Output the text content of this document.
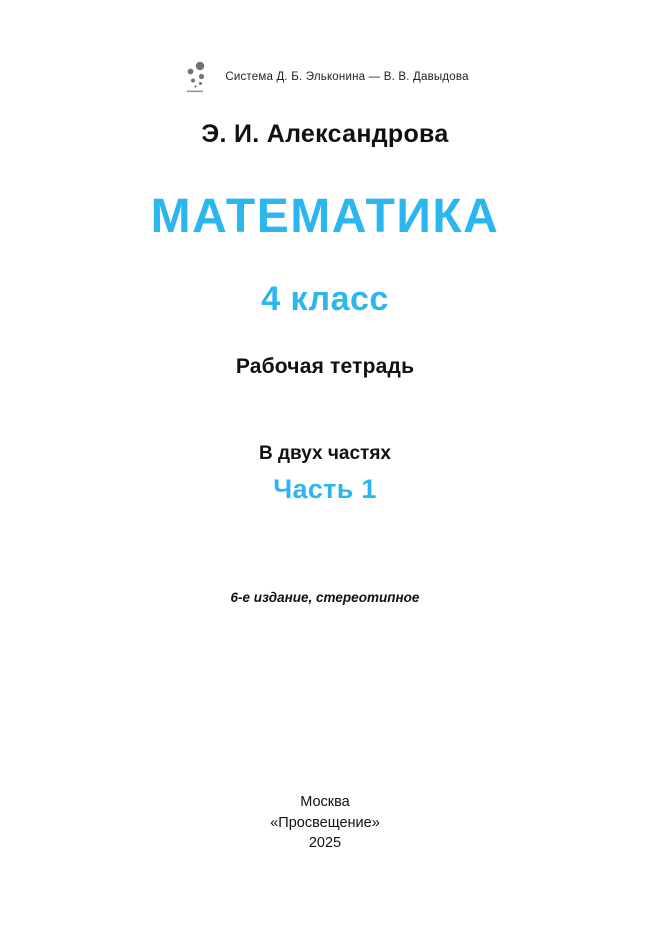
Система Д. Б. Эльконина — В. В. Давыдова
Э. И. Александрова
МАТЕМАТИКА
4 класс
Рабочая тетрадь
В двух частях
Часть 1
6-е издание, стереотипное
Москва
«Просвещение»
2025
